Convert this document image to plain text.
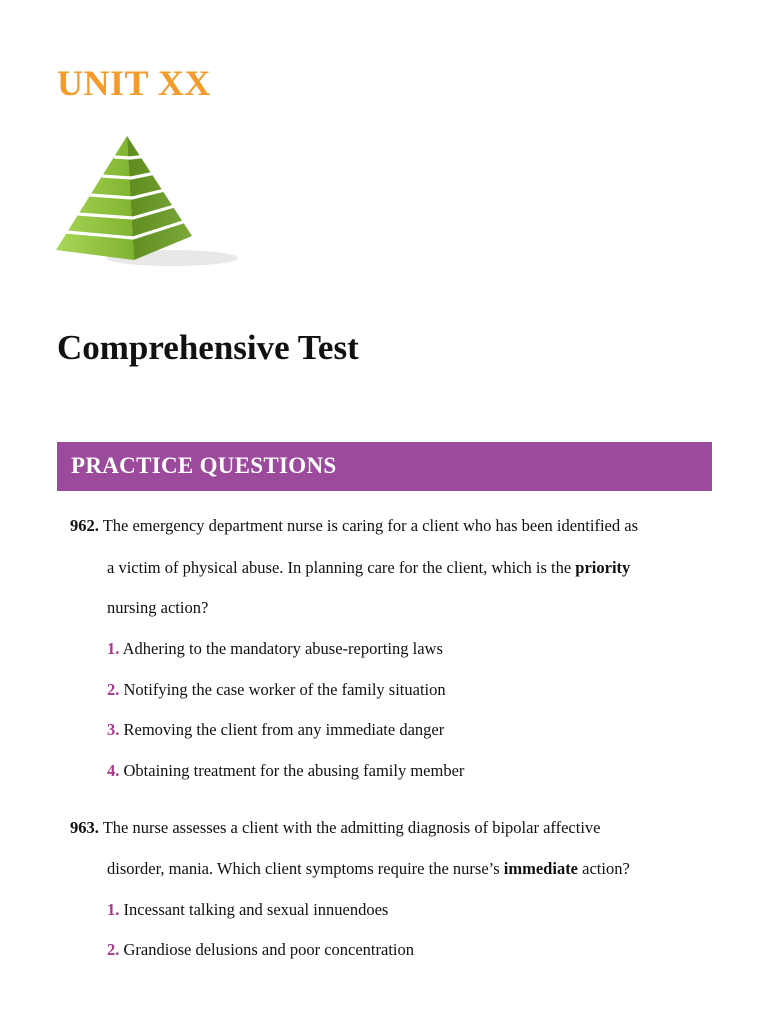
UNIT XX
Comprehensive Test
PRACTICE QUESTIONS
962. The emergency department nurse is caring for a client who has been identified as
a victim of physical abuse. In planning care for the client, which is the priority
nursing action?
1. Adhering to the mandatory abuse-reporting laws
2. Notifying the case worker of the family situation
3. Removing the client from any immediate danger
4. Obtaining treatment for the abusing family member
963. The nurse assesses a client with the admitting diagnosis of bipolar affective
disorder, mania. Which client symptoms require the nurse’s immediate action?
1. Incessant talking and sexual innuendoes
2. Grandiose delusions and poor concentration
